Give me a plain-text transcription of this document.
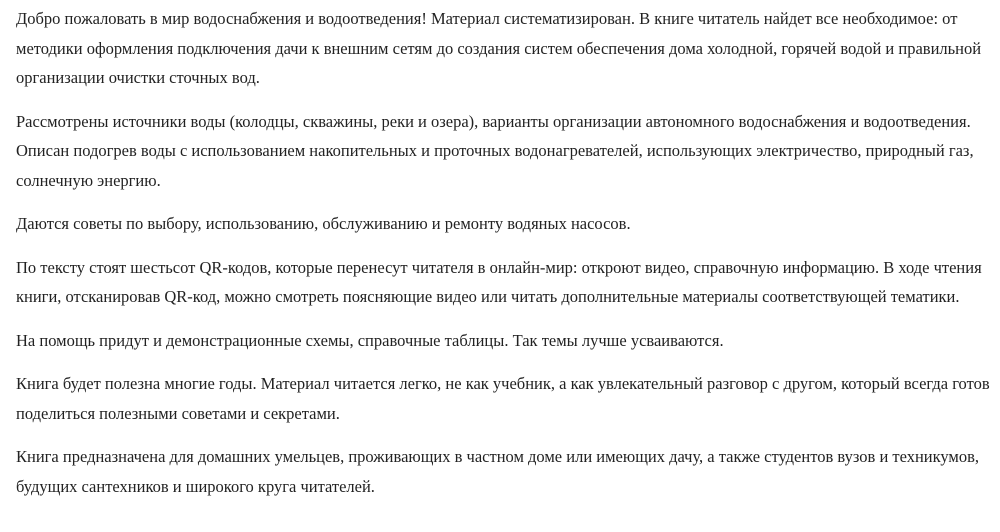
Добро пожаловать в мир водоснабжения и водоотведения! Материал систематизирован. В книге читатель найдет все необходимое: от методики оформления подключения дачи к внешним сетям до создания систем обеспечения дома холодной, горячей водой и правильной организации очистки сточных вод.

Рассмотрены источники воды (колодцы, скважины, реки и озера), варианты организации автономного водоснабжения и водоотведения. Описан подогрев воды с использованием накопительных и проточных водонагревателей, использующих электричество, природный газ, солнечную энергию.

Даются советы по выбору, использованию, обслуживанию и ремонту водяных насосов.

По тексту стоят шестьсот QR-кодов, которые перенесут читателя в онлайн-мир: откроют видео, справочную информацию. В ходе чтения книги, отсканировав QR-код, можно смотреть поясняющие видео или читать дополнительные материалы соответствующей тематики.

На помощь придут и демонстрационные схемы, справочные таблицы. Так темы лучше усваиваются.

Книга будет полезна многие годы. Материал читается легко, не как учебник, а как увлекательный разговор с другом, который всегда готов поделиться полезными советами и секретами.

Книга предназначена для домашних умельцев, проживающих в частном доме или имеющих дачу, а также студентов вузов и техникумов, будущих сантехников и широкого круга читателей.
